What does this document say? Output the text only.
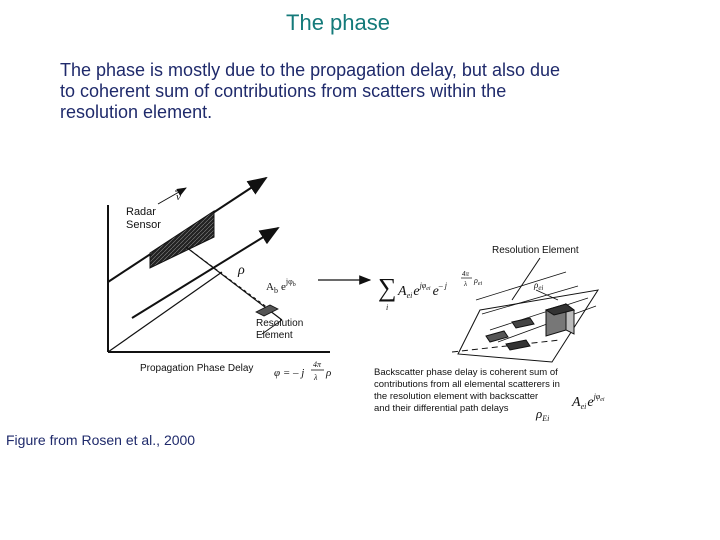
The phase
The phase is mostly due to the propagation delay, but also due
to coherent sum of contributions from scatters within the
resolution element.
v
Radar
Sensor
ρ
$A_b$ $e^{j\varphi}b$
Resolution
Element
Propagation Phase Delay φ = – j
4π
λ ρ
∑
i
$A_{ei}e^{j\varphi}ei$ $e^{- j}$
4π
λ $\rho_{ei}$
Resolution Element
$\rho_{ei}$
Backscatter phase delay is coherent sum of
contributions from all elemental scatterers in
the resolution element with backscatter
and their differential path delays	$A_{ei}e^{j\varphi}ei$
$\rho_{Ei}$
Figure from Rosen et al., 2000
